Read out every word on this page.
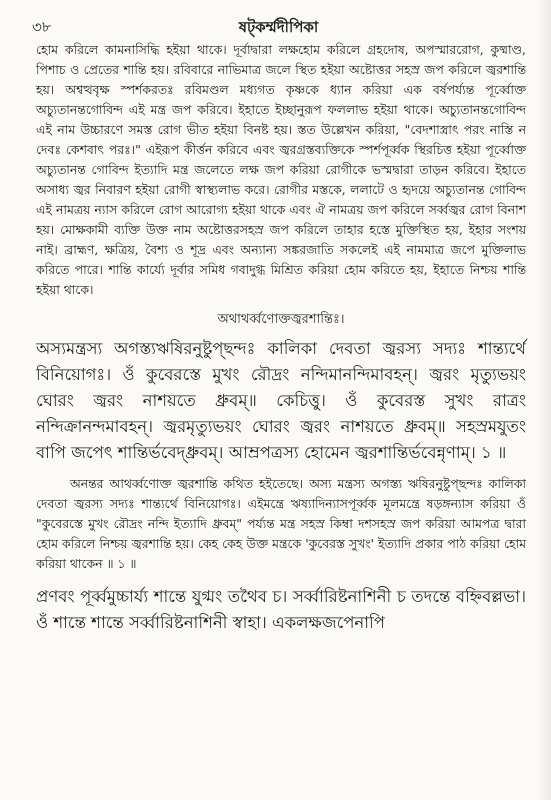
৩৮	ষট্‌কৰ্ম্মদীপিকা

হোম করিলে কামনাসিদ্ধি হইয়া থাকে। দূর্বাদ্বারা লক্ষহোম করিলে গ্রহদোষ, অপস্মাররোগ, কুষ্মাণ্ড, পিশাচ ও প্রেতের শান্তি হয়। রবিবারে নাভিমাত্র জলে স্থিত হইয়া অষ্টোত্তর সহস্র জপ করিলে জ্বরশান্তি হয়। অশ্বত্থবৃক্ষ স্পর্শকরতঃ রবিমণ্ডল মধ্যগত কৃষ্ণকে ধ্যান করিয়া এক বর্ষপর্য্যন্ত পূর্ব্বোক্ত অচ্যুতানন্তগোবিন্দ এই মন্ত্র জপ করিবে। ইহাতে ইচ্ছানুরূপ ফললাভ হইয়া থাকে। অচ্যুতানন্তগোবিন্দ এই নাম উচ্চারণে সমস্ত রোগ ভীত হইয়া বিনষ্ট হয়। স্তত উল্লেখন করিয়া, "বেদশাস্ত্রাৎ পরং নাস্তি ন দেবঃ কেশবাৎ পরঃ।" এইরূপ কীর্ত্তন করিবে এবং জ্বরগ্রস্তব্যক্তিকে স্পর্শপূর্ব্বক স্থিরচিত্ত হইয়া পূর্ব্বোক্ত অচ্যুতানন্ত গোবিন্দ ইত্যাদি মন্ত্র জলেতে লক্ষ জপ করিয়া রোগীকে ভস্মদ্বারা তাড়ন করিবে। ইহাতে অসাধ্য জ্বর নিবারণ হইয়া রোগী স্বাস্থ্যলাভ করে। রোগীর মস্তকে, ললাটে ও হৃদয়ে অচ্যুতানন্ত গোবিন্দ এই নামত্রয় ন্যাস করিলে রোগ আরোগ্য হইয়া থাকে এবং ঐ নামত্রয় জপ করিলে সর্ব্বজ্বর রোগ বিনাশ হয়। মোক্ষকামী ব্যক্তি উক্ত নাম অষ্টোত্তরসহস্র জপ করিলে তাহার হস্তে মুক্তিস্থিত হয়, ইহার সংশয় নাই। ব্রাহ্মণ, ক্ষত্রিয়, বৈশ্য ও শূদ্র এবং অন্যান্য সঙ্করজাতি সকলেই এই নামমাত্র জপে মুক্তিলাভ করিতে পারে। শান্তি কার্য্যে দূর্বার সমিধ গবাদুগ্ধ মিশ্রিত করিয়া হোম করিতে হয়, ইহাতে নিশ্চয় শান্তি হইয়া থাকে।

অথাথর্ব্বণোক্তজ্বরশান্তিঃ।

অস্যমন্ত্রস্য অগস্ত্যঋষিরনুষ্টুপ্ছন্দঃ কালিকা দেবতা জ্বরস্য সদ্যঃ শান্ত্যর্থে বিনিয়োগঃ। ওঁ কুবেরস্তে মুখং রৌদ্রং নন্দিমানন্দিমাবহন্। জ্বরং মৃত্যুভয়ং ঘোরং জ্বরং নাশয়তে ধ্রুবম্॥ কেচিত্তু। ওঁ কুবেরস্ত সুখং রাত্রং নন্দিক্রানন্দমাবহন্। জ্বরমৃত্যুভয়ং ঘোরং জ্বরং নাশয়তে ধ্রুবম্॥ সহস্রমযুতং বাপি জপেৎ শান্তির্ভবেদ্ধ্রুবম্। আম্রপত্রস্য হোমেন জ্বরশান্তির্ভবেন্নৃণাম্। ১ ॥

অনন্তর আথর্ব্বণোক্ত জ্বরশান্তি কথিত হইতেছে। অস্য মন্ত্রস্য অগস্ত্য ঋষিরনুষ্টুপ্ছন্দঃ কালিকা দেবতা জ্বরস্য সদ্যঃ শান্ত্যর্থে বিনিয়োগঃ। এইমন্ত্রে ঋষ্যাদিন্যাসপূর্ব্বক মূলমন্ত্রে ষড়ঙ্গন্যাস করিয়া ওঁ "কুবেরস্তে মুখং রৌদ্রং নন্দি ইত্যাদি ধ্রুবম্" পর্য্যন্ত মন্ত্র সহস্র কিম্বা দশসহস্র জপ করিয়া আমপত্র দ্বারা হোম করিলে নিশ্চয় জ্বরশান্তি হয়। কেহ কেহ উক্ত মন্ত্রকে 'কুবেরস্ত সুখং' ইত্যাদি প্রকার পাঠ করিয়া হোম করিয়া থাকেন ॥ ১ ॥

প্রণবং পূর্ব্বমুচ্চার্য্য শান্তে যুগ্মং তথৈব চ। সর্ব্বারিষ্টনাশিনী চ তদন্তে বহ্নিবল্লভা। ওঁ শান্তে শান্তে সর্ব্বারিষ্টনাশিনী স্বাহা। একলক্ষজপেনাপি
